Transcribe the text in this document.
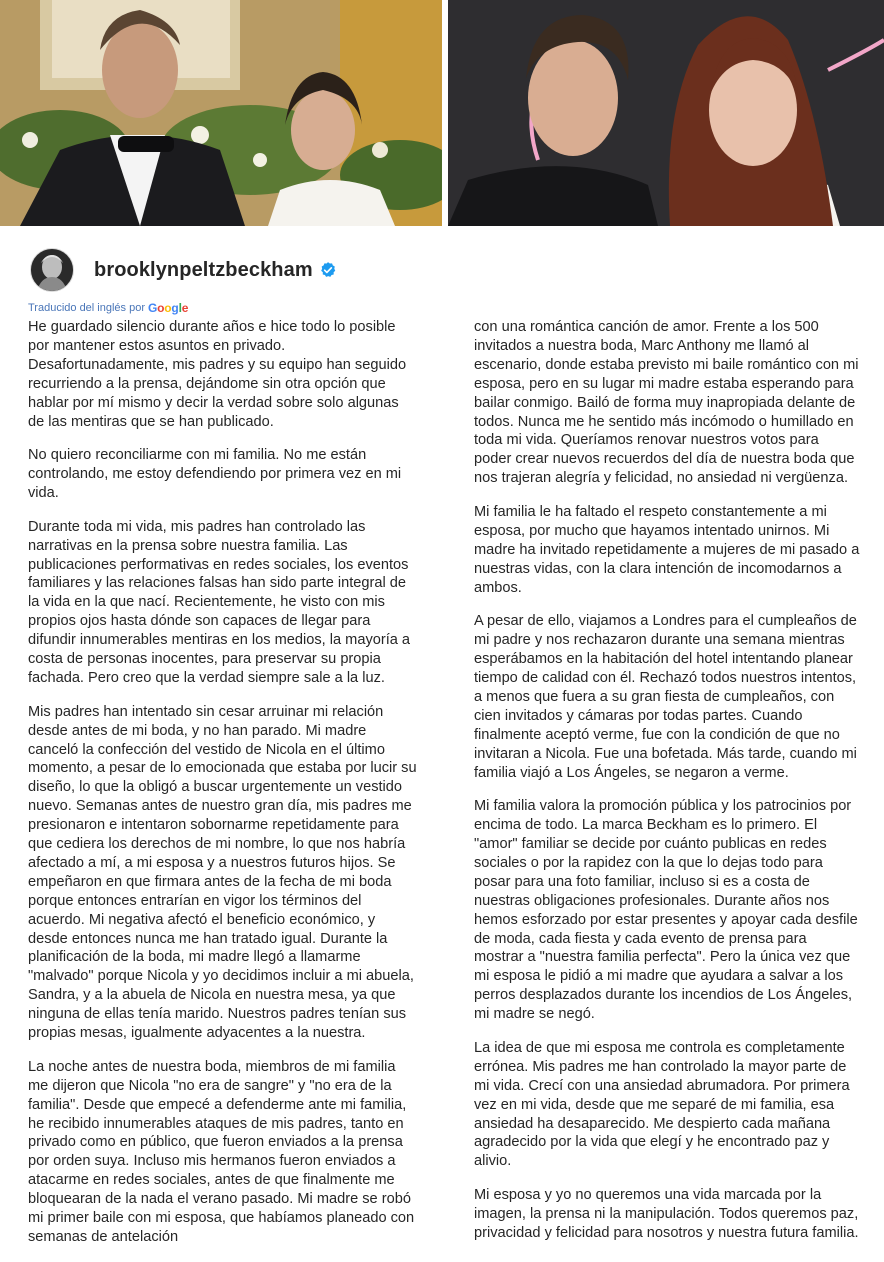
brooklynpeltzbeckham
Traducido del inglés por Google

He guardado silencio durante años e hice todo lo posible por mantener estos asuntos en privado.

Desafortunadamente, mis padres y su equipo han seguido recurriendo a la prensa, dejándome sin otra opción que hablar por mí mismo y decir la verdad sobre solo algunas de las mentiras que se han publicado.

No quiero reconciliarme con mi familia. No me están controlando, me estoy defendiendo por primera vez en mi vida.

Durante toda mi vida, mis padres han controlado las narrativas en la prensa sobre nuestra familia. Las publicaciones performativas en redes sociales, los eventos familiares y las relaciones falsas han sido parte integral de la vida en la que nací. Recientemente, he visto con mis propios ojos hasta dónde son capaces de llegar para difundir innumerables mentiras en los medios, la mayoría a costa de personas inocentes, para preservar su propia fachada. Pero creo que la verdad siempre sale a la luz.

Mis padres han intentado sin cesar arruinar mi relación desde antes de mi boda, y no han parado. Mi madre canceló la confección del vestido de Nicola en el último momento, a pesar de lo emocionada que estaba por lucir su diseño, lo que la obligó a buscar urgentemente un vestido nuevo. Semanas antes de nuestro gran día, mis padres me presionaron e intentaron sobornarme repetidamente para que cediera los derechos de mi nombre, lo que nos habría afectado a mí, a mi esposa y a nuestros futuros hijos. Se empeñaron en que firmara antes de la fecha de mi boda porque entonces entrarían en vigor los términos del acuerdo. Mi negativa afectó el beneficio económico, y desde entonces nunca me han tratado igual. Durante la planificación de la boda, mi madre llegó a llamarme "malvado" porque Nicola y yo decidimos incluir a mi abuela, Sandra, y a la abuela de Nicola en nuestra mesa, ya que ninguna de ellas tenía marido. Nuestros padres tenían sus propias mesas, igualmente adyacentes a la nuestra.

La noche antes de nuestra boda, miembros de mi familia me dijeron que Nicola "no era de sangre" y "no era de la familia". Desde que empecé a defenderme ante mi familia, he recibido innumerables ataques de mis padres, tanto en privado como en público, que fueron enviados a la prensa por orden suya. Incluso mis hermanos fueron enviados a atacarme en redes sociales, antes de que finalmente me bloquearan de la nada el verano pasado. Mi madre se robó mi primer baile con mi esposa, que habíamos planeado con semanas de antelación

con una romántica canción de amor. Frente a los 500 invitados a nuestra boda, Marc Anthony me llamó al escenario, donde estaba previsto mi baile romántico con mi esposa, pero en su lugar mi madre estaba esperando para bailar conmigo. Bailó de forma muy inapropiada delante de todos. Nunca me he sentido más incómodo o humillado en toda mi vida. Queríamos renovar nuestros votos para poder crear nuevos recuerdos del día de nuestra boda que nos trajeran alegría y felicidad, no ansiedad ni vergüenza.

Mi familia le ha faltado el respeto constantemente a mi esposa, por mucho que hayamos intentado unirnos. Mi madre ha invitado repetidamente a mujeres de mi pasado a nuestras vidas, con la clara intención de incomodarnos a ambos.

A pesar de ello, viajamos a Londres para el cumpleaños de mi padre y nos rechazaron durante una semana mientras esperábamos en la habitación del hotel intentando planear tiempo de calidad con él. Rechazó todos nuestros intentos, a menos que fuera a su gran fiesta de cumpleaños, con cien invitados y cámaras por todas partes. Cuando finalmente aceptó verme, fue con la condición de que no invitaran a Nicola. Fue una bofetada. Más tarde, cuando mi familia viajó a Los Ángeles, se negaron a verme.

Mi familia valora la promoción pública y los patrocinios por encima de todo. La marca Beckham es lo primero. El "amor" familiar se decide por cuánto publicas en redes sociales o por la rapidez con la que lo dejas todo para posar para una foto familiar, incluso si es a costa de nuestras obligaciones profesionales. Durante años nos hemos esforzado por estar presentes y apoyar cada desfile de moda, cada fiesta y cada evento de prensa para mostrar a "nuestra familia perfecta". Pero la única vez que mi esposa le pidió a mi madre que ayudara a salvar a los perros desplazados durante los incendios de Los Ángeles, mi madre se negó.

La idea de que mi esposa me controla es completamente errónea. Mis padres me han controlado la mayor parte de mi vida. Crecí con una ansiedad abrumadora. Por primera vez en mi vida, desde que me separé de mi familia, esa ansiedad ha desaparecido. Me despierto cada mañana agradecido por la vida que elegí y he encontrado paz y alivio.

Mi esposa y yo no queremos una vida marcada por la imagen, la prensa ni la manipulación. Todos queremos paz, privacidad y felicidad para nosotros y nuestra futura familia.
